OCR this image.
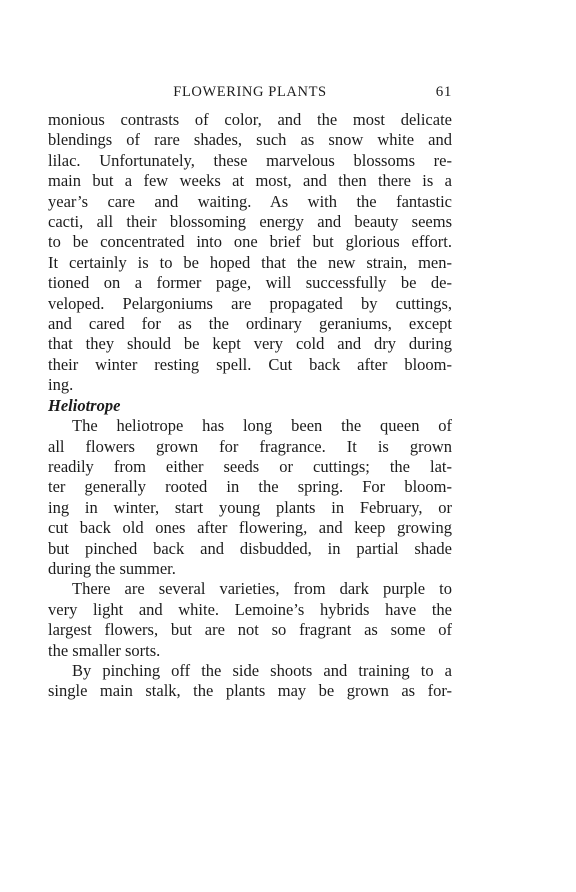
FLOWERING PLANTS	61

monious contrasts of color, and the most delicate

blendings of rare shades, such as snow white and

lilac. Unfortunately, these marvelous blossoms re-

main but a few weeks at most, and then there is a

year’s care and waiting. As with the fantastic

cacti, all their blossoming energy and beauty seems

to be concentrated into one brief but glorious effort.

It certainly is to be hoped that the new strain, men-

tioned on a former page, will successfully be de-

veloped. Pelargoniums are propagated by cuttings,

and cared for as the ordinary geraniums, except

that they should be kept very cold and dry during

their winter resting spell. Cut back after bloom-

ing.

Heliotrope

The heliotrope has long been the queen of

all flowers grown for fragrance. It is grown

readily from either seeds or cuttings; the lat-

ter generally rooted in the spring. For bloom-

ing in winter, start young plants in February, or

cut back old ones after flowering, and keep growing

but pinched back and disbudded, in partial shade

during the summer.

There are several varieties, from dark purple to

very light and white. Lemoine’s hybrids have the

largest flowers, but are not so fragrant as some of

the smaller sorts.

By pinching off the side shoots and training to a

single main stalk, the plants may be grown as for-
